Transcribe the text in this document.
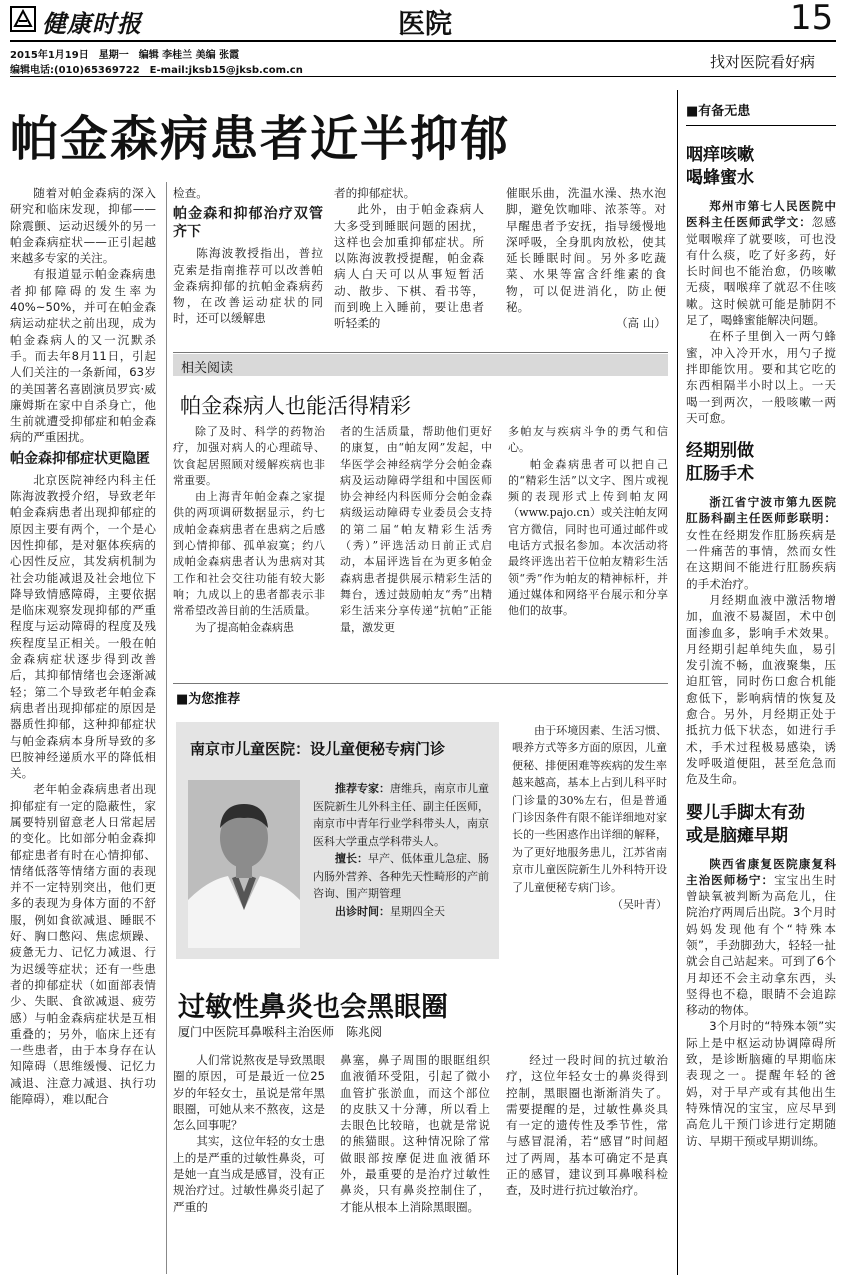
健康时报	医院	15
2015年1月19日　星期一　编辑 李桂兰 美编 张霞
编辑电话:(010)65369722　E-mail:jksb15@jksb.com.cn	找对医院看好病
帕金森病患者近半抑郁

随着对帕金森病的深入研究和临床发现，抑郁——除震颤、运动迟缓外的另一帕金森病症状——正引起越来越多专家的关注。

有报道显示帕金森病患者抑郁障碍的发生率为40%~50%，并可在帕金森病运动症状之前出现，成为帕金森病人的又一沉默杀手。而去年8月11日，引起人们关注的一条新闻，63岁的美国著名喜剧演员罗宾·威廉姆斯在家中自杀身亡，他生前就遭受抑郁症和帕金森病的严重困扰。

帕金森抑郁症状更隐匿

北京医院神经内科主任陈海波教授介绍，导致老年帕金森病患者出现抑郁症的原因主要有两个，一个是心因性抑郁，是对躯体疾病的心因性反应，其发病机制为社会功能减退及社会地位下降导致情感障碍，主要依据是临床观察发现抑郁的严重程度与运动障碍的程度及残疾程度呈正相关。一般在帕金森病症状逐步得到改善后，其抑郁情绪也会逐渐减轻；第二个导致老年帕金森病患者出现抑郁症的原因是器质性抑郁，这种抑郁症状与帕金森病本身所导致的多巴胺神经递质水平的降低相关。

老年帕金森病患者出现抑郁症有一定的隐蔽性，家属要特别留意老人日常起居的变化。比如部分帕金森抑郁症患者有时在心情抑郁、情绪低落等情绪方面的表现并不一定特别突出，他们更多的表现为身体方面的不舒服，例如食欲减退、睡眠不好、胸口憋闷、焦虑烦躁、疲惫无力、记忆力减退、行为迟缓等症状；还有一些患者的抑郁症状（如面部表情少、失眠、食欲减退、疲劳感）与帕金森病症状是互相重叠的；另外，临床上还有一些患者，由于本身存在认知障碍（思维缓慢、记忆力减退、注意力减退、执行功能障碍），难以配合

检查。

帕金森和抑郁治疗双管齐下

陈海波教授指出，普拉克索是指南推荐可以改善帕金森病抑郁的抗帕金森病药物，在改善运动症状的同时，还可以缓解患

者的抑郁症状。

此外，由于帕金森病人大多受到睡眠问题的困扰，这样也会加重抑郁症状。所以陈海波教授提醒，帕金森病人白天可以从事短暂活动、散步、下棋、看书等，而到晚上入睡前，要让患者听轻柔的

催眠乐曲，洗温水澡、热水泡脚，避免饮咖啡、浓茶等。对早醒患者予安抚，指导缓慢地深呼吸，全身肌肉放松，使其延长睡眠时间。另外多吃蔬菜、水果等富含纤维素的食物，可以促进消化，防止便秘。

（高 山）
相关阅读
帕金森病人也能活得精彩

除了及时、科学的药物治疗，加强对病人的心理疏导、饮食起居照顾对缓解疾病也非常重要。

由上海青年帕金森之家提供的两项调研数据显示，约七成帕金森病患者在患病之后感到心情抑郁、孤单寂寞；约八成帕金森病患者认为患病对其工作和社会交往功能有较大影响；九成以上的患者都表示非常希望改善目前的生活质量。

为了提高帕金森病患

者的生活质量，帮助他们更好的康复，由“帕友网”发起，中华医学会神经病学分会帕金森病及运动障碍学组和中国医师协会神经内科医师分会帕金森病级运动障碍专业委员会支持的第二届“帕友精彩生活秀（秀）”评选活动日前正式启动，本届评选旨在为更多帕金森病患者提供展示精彩生活的舞台，透过鼓励帕友“秀”出精彩生活来分享传递“抗帕”正能量，激发更

多帕友与疾病斗争的勇气和信心。

帕金森病患者可以把自己的“精彩生活”以文字、图片或视频的表现形式上传到帕友网（www.pajo.cn）或关注帕友网官方微信，同时也可通过邮件或电话方式报名参加。本次活动将最终评选出若干位帕友精彩生活领“秀”作为帕友的精神标杆，并通过媒体和网络平台展示和分享他们的故事。

■为您推荐
南京市儿童医院：设儿童便秘专病门诊

推荐专家：唐维兵，南京市儿童医院新生儿外科主任、副主任医师，南京市中青年行业学科带头人，南京医科大学重点学科带头人。

擅长：早产、低体重儿急症、肠内肠外营养、各种先天性畸形的产前咨询、围产期管理

出诊时间：星期四全天

由于环境因素、生活习惯、喂养方式等多方面的原因，儿童便秘、排便困难等疾病的发生率越来越高，基本上占到儿科平时门诊量的30%左右，但是普通门诊因条件有限不能详细地对家长的一些困惑作出详细的解释，为了更好地服务患儿，江苏省南京市儿童医院新生儿外科特开设了儿童便秘专病门诊。

（吴叶青）
过敏性鼻炎也会黑眼圈
厦门中医院耳鼻喉科主治医师　陈兆阅

人们常说熬夜是导致黑眼圈的原因，可是最近一位25岁的年轻女士，虽说是常年黑眼圈，可她从来不熬夜，这是怎么回事呢？

其实，这位年轻的女士患上的是严重的过敏性鼻炎，可是她一直当成是感冒，没有正规治疗过。过敏性鼻炎引起了严重的

鼻塞，鼻子周围的眼眶组织血液循环受阻，引起了微小血管扩张淤血，而这个部位的皮肤又十分薄，所以看上去眼色比较暗，也就是常说的熊猫眼。这种情况除了常做眼部按摩促进血液循环外，最重要的是治疗过敏性鼻炎，只有鼻炎控制住了，才能从根本上消除黑眼圈。

经过一段时间的抗过敏治疗，这位年轻女士的鼻炎得到控制，黑眼圈也渐渐消失了。需要提醒的是，过敏性鼻炎具有一定的遗传性及季节性，常与感冒混淆，若“感冒”时间超过了两周，基本可确定不是真正的感冒，建议到耳鼻喉科检查，及时进行抗过敏治疗。

■有备无患
咽痒咳嗽
喝蜂蜜水

郑州市第七人民医院中医科主任医师武学文：忽感觉咽喉痒了就要咳，可也没有什么痰，吃了好多药，好长时间也不能治愈，仍咳嗽无痰，咽喉痒了就忍不住咳嗽。这时候就可能是肺阴不足了，喝蜂蜜能解决问题。

在杯子里倒入一两勺蜂蜜，冲入冷开水，用勺子搅拌即能饮用。要和其它吃的东西相隔半小时以上。一天喝一到两次，一般咳嗽一两天可愈。

经期别做
肛肠手术

浙江省宁波市第九医院肛肠科副主任医师彭联明：女性在经期发作肛肠疾病是一件痛苦的事情，然而女性在这期间不能进行肛肠疾病的手术治疗。

月经期血液中激活物增加，血液不易凝固，术中创面渗血多，影响手术效果。月经期引起单纯失血，易引发引流不畅，血液聚集，压迫肛管，同时伤口愈合机能愈低下，影响病情的恢复及愈合。另外，月经期正处于抵抗力低下状态，如进行手术，手术过程极易感染，诱发呼吸道便阻，甚至危急而危及生命。

婴儿手脚太有劲
或是脑瘫早期

陕西省康复医院康复科主治医师杨宁：宝宝出生时曾缺氧被判断为高危儿，住院治疗两周后出院。3个月时妈妈发现他有个“特殊本领”，手劲脚劲大，轻轻一扯就会自己站起来。可到了6个月却还不会主动拿东西，头竖得也不稳，眼睛不会追踪移动的物体。

3个月时的“特殊本领”实际上是中枢运动协调障碍所致，是诊断脑瘫的早期临床表现之一。提醒年轻的爸妈，对于早产或有其他出生特殊情况的宝宝，应尽早到高危儿干预门诊进行定期随访、早期干预或早期训练。
